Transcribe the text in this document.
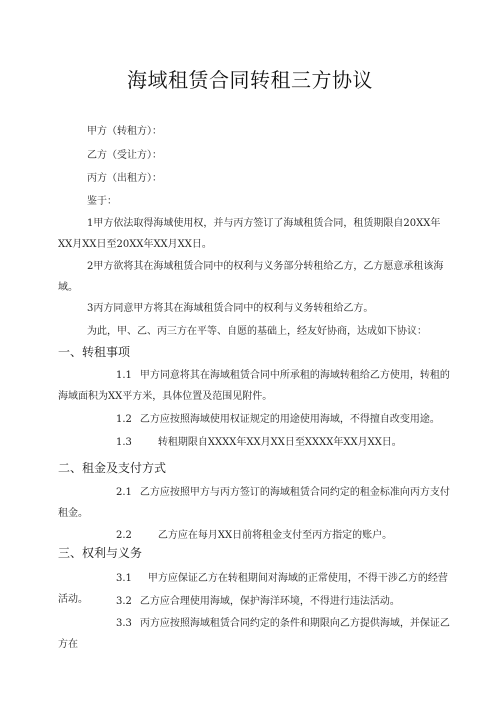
海域租赁合同转租三方协议
甲方（转租方）：
乙方（受让方）：
丙方（出租方）：
鉴于：
1甲方依法取得海域使用权，并与丙方签订了海域租赁合同，租赁期限自20XX年XX月XX日至20XX年XX月XX日。
2甲方欲将其在海域租赁合同中的权利与义务部分转租给乙方，乙方愿意承租该海域。
3丙方同意甲方将其在海域租赁合同中的权利与义务转租给乙方。
为此，甲、乙、丙三方在平等、自愿的基础上，经友好协商，达成如下协议：
一、转租事项
1.1 甲方同意将其在海域租赁合同中所承租的海域转租给乙方使用，转租的海域面积为XX平方米，具体位置及范围见附件。
1.2 乙方应按照海域使用权证规定的用途使用海域，不得擅自改变用途。
1.3	转租期限自XXXX年XX月XX日至XXXX年XX月XX日。
二、租金及支付方式
2.1 乙方应按照甲方与丙方签订的海域租赁合同约定的租金标准向丙方支付租金。
2.2	乙方应在每月XX日前将租金支付至丙方指定的账户。
三、权利与义务
3.1 甲方应保证乙方在转租期间对海域的正常使用，不得干涉乙方的经营活动。	3.2 乙方应合理使用海域，保护海洋环境，不得进行违法活动。
3.3 丙方应按照海域租赁合同约定的条件和期限向乙方提供海域，并保证乙方在
